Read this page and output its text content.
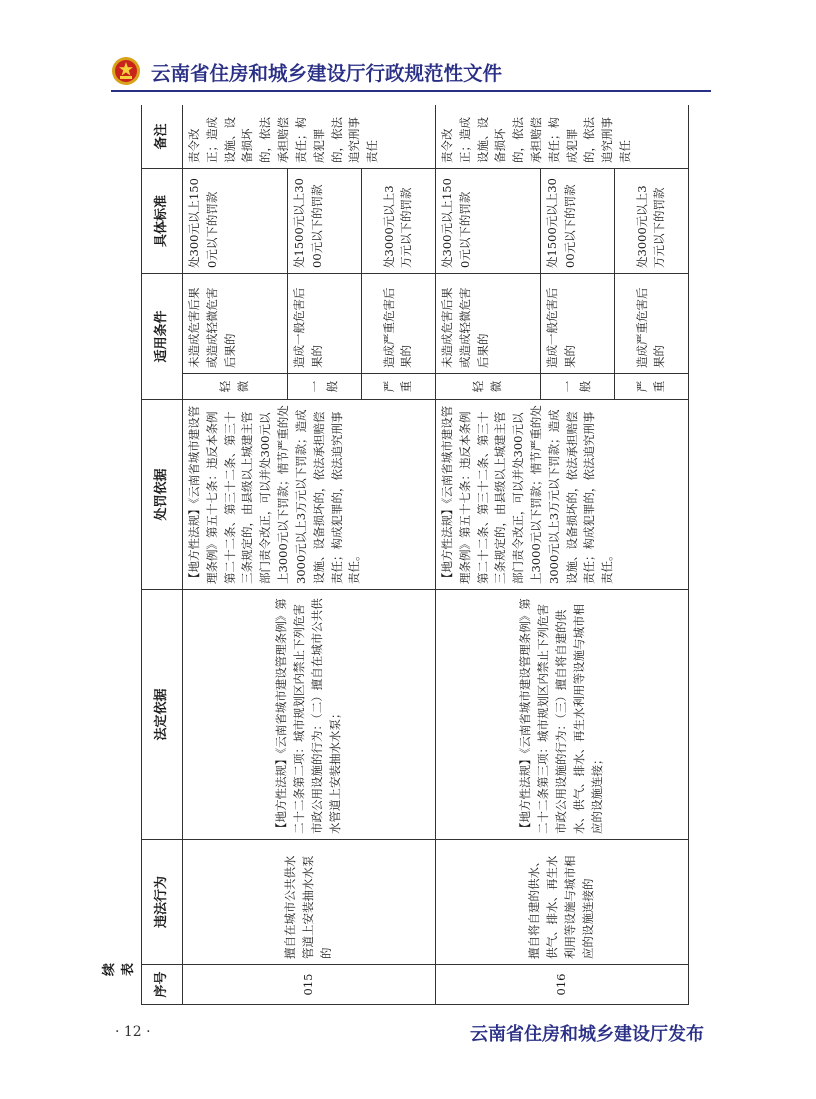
云南省住房和城乡建设厅行政规范性文件
续表
序号	违法行为	法定依据	处罚依据	适用条件		具体标准	备注
015	擅自在城市公共供水管道上安装抽水水泵的	【地方性法规】《云南省城市建设管理条例》第二十二条第二项：城市规划区内禁止下列危害市政公用设施的行为：（二）擅自在城市公共供水管道上安装抽水水泵；	【地方性法规】《云南省城市建设管理条例》第五十七条：违反本条例第二十二条、第三十二条、第三十三条规定的，由县级以上城建主管部门责令改正，可以并处300元以上3000元以下罚款；情节严重的处3000元以上3万元以下罚款；造成设施、设备损坏的，依法承担赔偿责任；构成犯罪的，依法追究刑事责任。	轻微	未造成危害后果或造成轻微危害后果的	处300元以上1500元以下的罚款	责令改正；造成设施、设备损坏的，依法承担赔偿责任；构成犯罪的，依法追究刑事责任
				一般	造成一般危害后果的	处1500元以上3000元以下的罚款	
				严重	造成严重危害后果的	处3000元以上3万元以下的罚款	
016	擅自将自建的供水、供气、排水、再生水利用等设施与城市相应的设施连接的	【地方性法规】《云南省城市建设管理条例》第二十二条第三项：城市规划区内禁止下列危害市政公用设施的行为：（三）擅自将自建的供水、供气、排水、再生水利用等设施与城市相应的设施连接；	【地方性法规】《云南省城市建设管理条例》第五十七条：违反本条例第二十二条、第三十二条、第三十三条规定的，由县级以上城建主管部门责令改正，可以并处300元以上3000元以下罚款；情节严重的处3000元以上3万元以下罚款；造成设施、设备损坏的，依法承担赔偿责任；构成犯罪的，依法追究刑事责任。	轻微	未造成危害后果或造成轻微危害后果的	处300元以上1500元以下的罚款	责令改正；造成设施、设备损坏的，依法承担赔偿责任；构成犯罪的，依法追究刑事责任
				一般	造成一般危害后果的	处1500元以上3000元以下的罚款	
				严重	造成严重危害后果的	处3000元以上3万元以下的罚款	
· 12 ·	云南省住房和城乡建设厅发布
